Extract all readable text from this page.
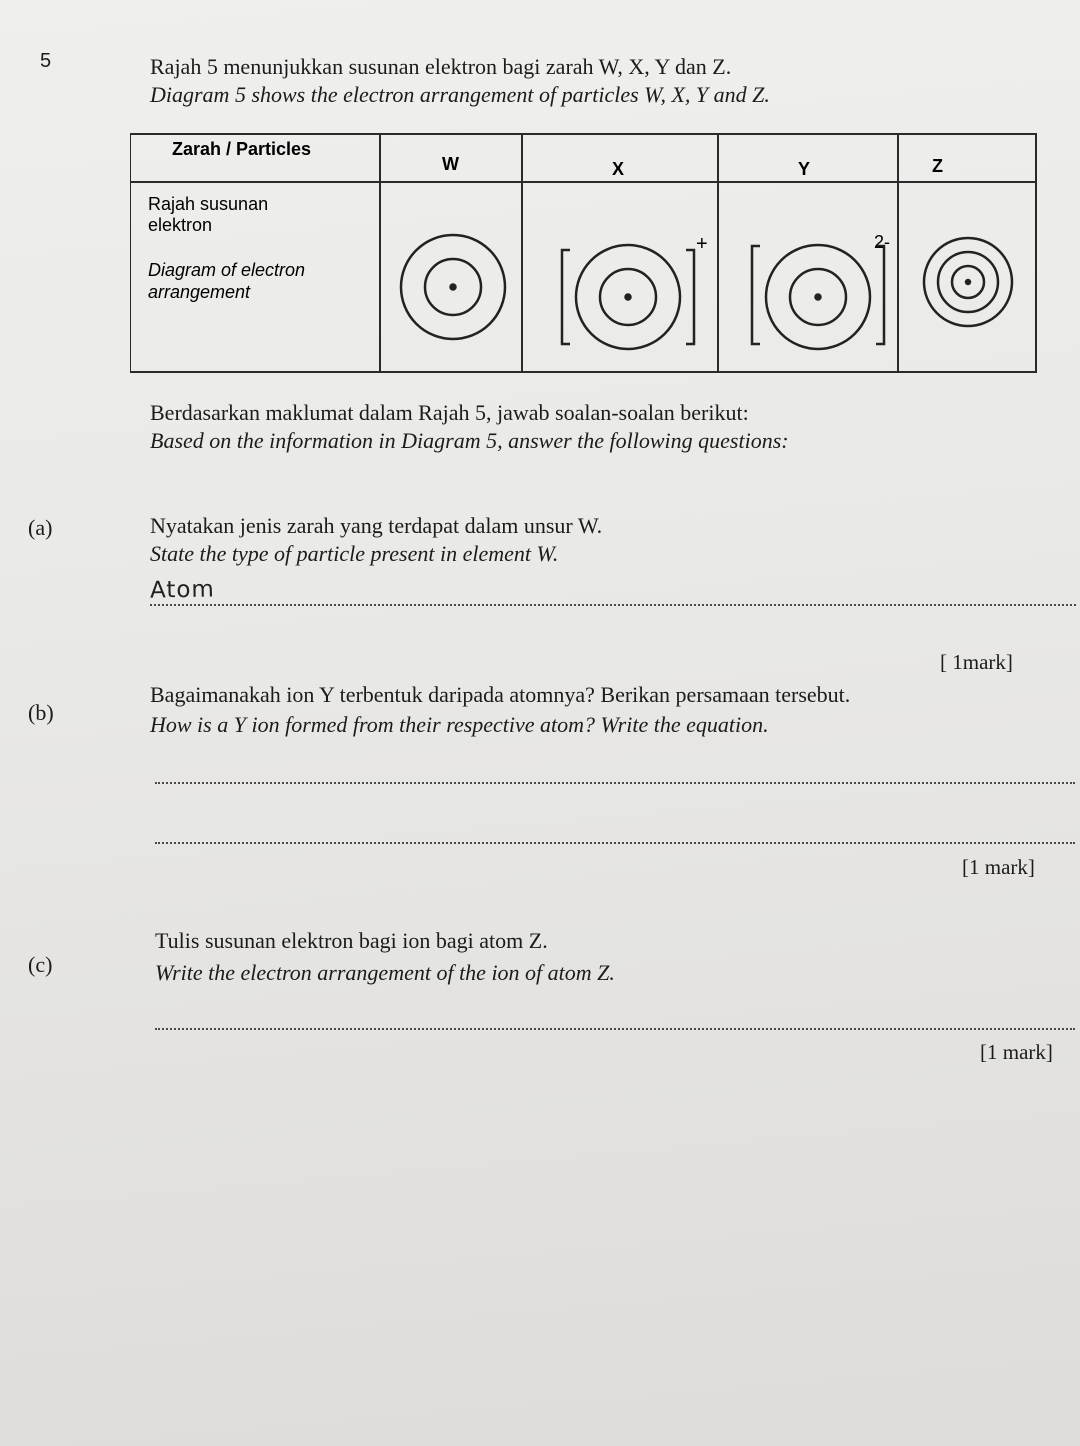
5	Rajah 5 menunjukkan susunan elektron bagi zarah W, X, Y dan Z.
Diagram 5 shows the electron arrangement of particles W, X, Y and Z.
Zarah / Particles
W	X	Y	Z
Rajah susunan
elektron
Diagram of electron
arrangement
+	2-
Berdasarkan maklumat dalam Rajah 5, jawab soalan-soalan berikut:
Based on the information in Diagram 5, answer the following questions:
(a)	Nyatakan jenis zarah yang terdapat dalam unsur W.
State the type of particle present in element W.
Atom
[ 1mark]
(b)
Bagaimanakah ion Y terbentuk daripada atomnya? Berikan persamaan tersebut.
How is a Y ion formed from their respective atom? Write the equation.
[1 mark]
(c)
Tulis susunan elektron bagi ion bagi atom Z.
Write the electron arrangement of the ion of atom Z.
[1 mark]
